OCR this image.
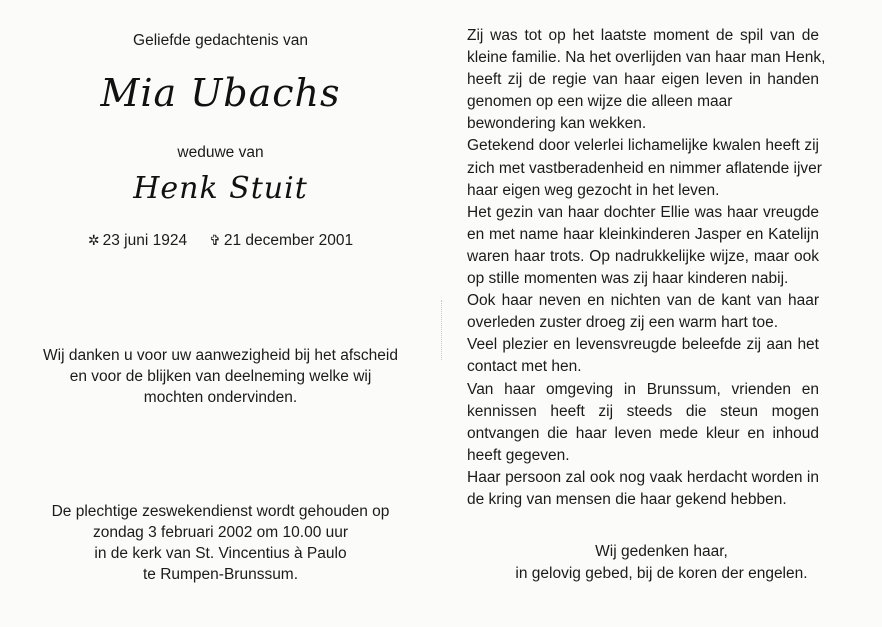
Geliefde gedachtenis van
Mia Ubachs
weduwe van
Henk Stuit
✲ 23 juni 1924 ✞ 21 december 2001
Wij danken u voor uw aanwezigheid bij het afscheid
en voor de blijken van deelneming welke wij
mochten ondervinden.
De plechtige zeswekendienst wordt gehouden op
zondag 3 februari 2002 om 10.00 uur
in de kerk van St. Vincentius à Paulo
te Rumpen-Brunssum.
Zij was tot op het laatste moment de spil van de
kleine familie. Na het overlijden van haar man Henk,
heeft zij de regie van haar eigen leven in handen
genomen op een wijze die alleen maar
bewondering kan wekken.
Getekend door velerlei lichamelijke kwalen heeft zij
zich met vastberadenheid en nimmer aflatende ijver
haar eigen weg gezocht in het leven.
Het gezin van haar dochter Ellie was haar vreugde
en met name haar kleinkinderen Jasper en Katelijn
waren haar trots. Op nadrukkelijke wijze, maar ook
op stille momenten was zij haar kinderen nabij.
Ook haar neven en nichten van de kant van haar
overleden zuster droeg zij een warm hart toe.
Veel plezier en levensvreugde beleefde zij aan het
contact met hen.
Van haar omgeving in Brunssum, vrienden en
kennissen heeft zij steeds die steun mogen
ontvangen die haar leven mede kleur en inhoud
heeft gegeven.
Haar persoon zal ook nog vaak herdacht worden in
de kring van mensen die haar gekend hebben.
Wij gedenken haar,
in gelovig gebed, bij de koren der engelen.
